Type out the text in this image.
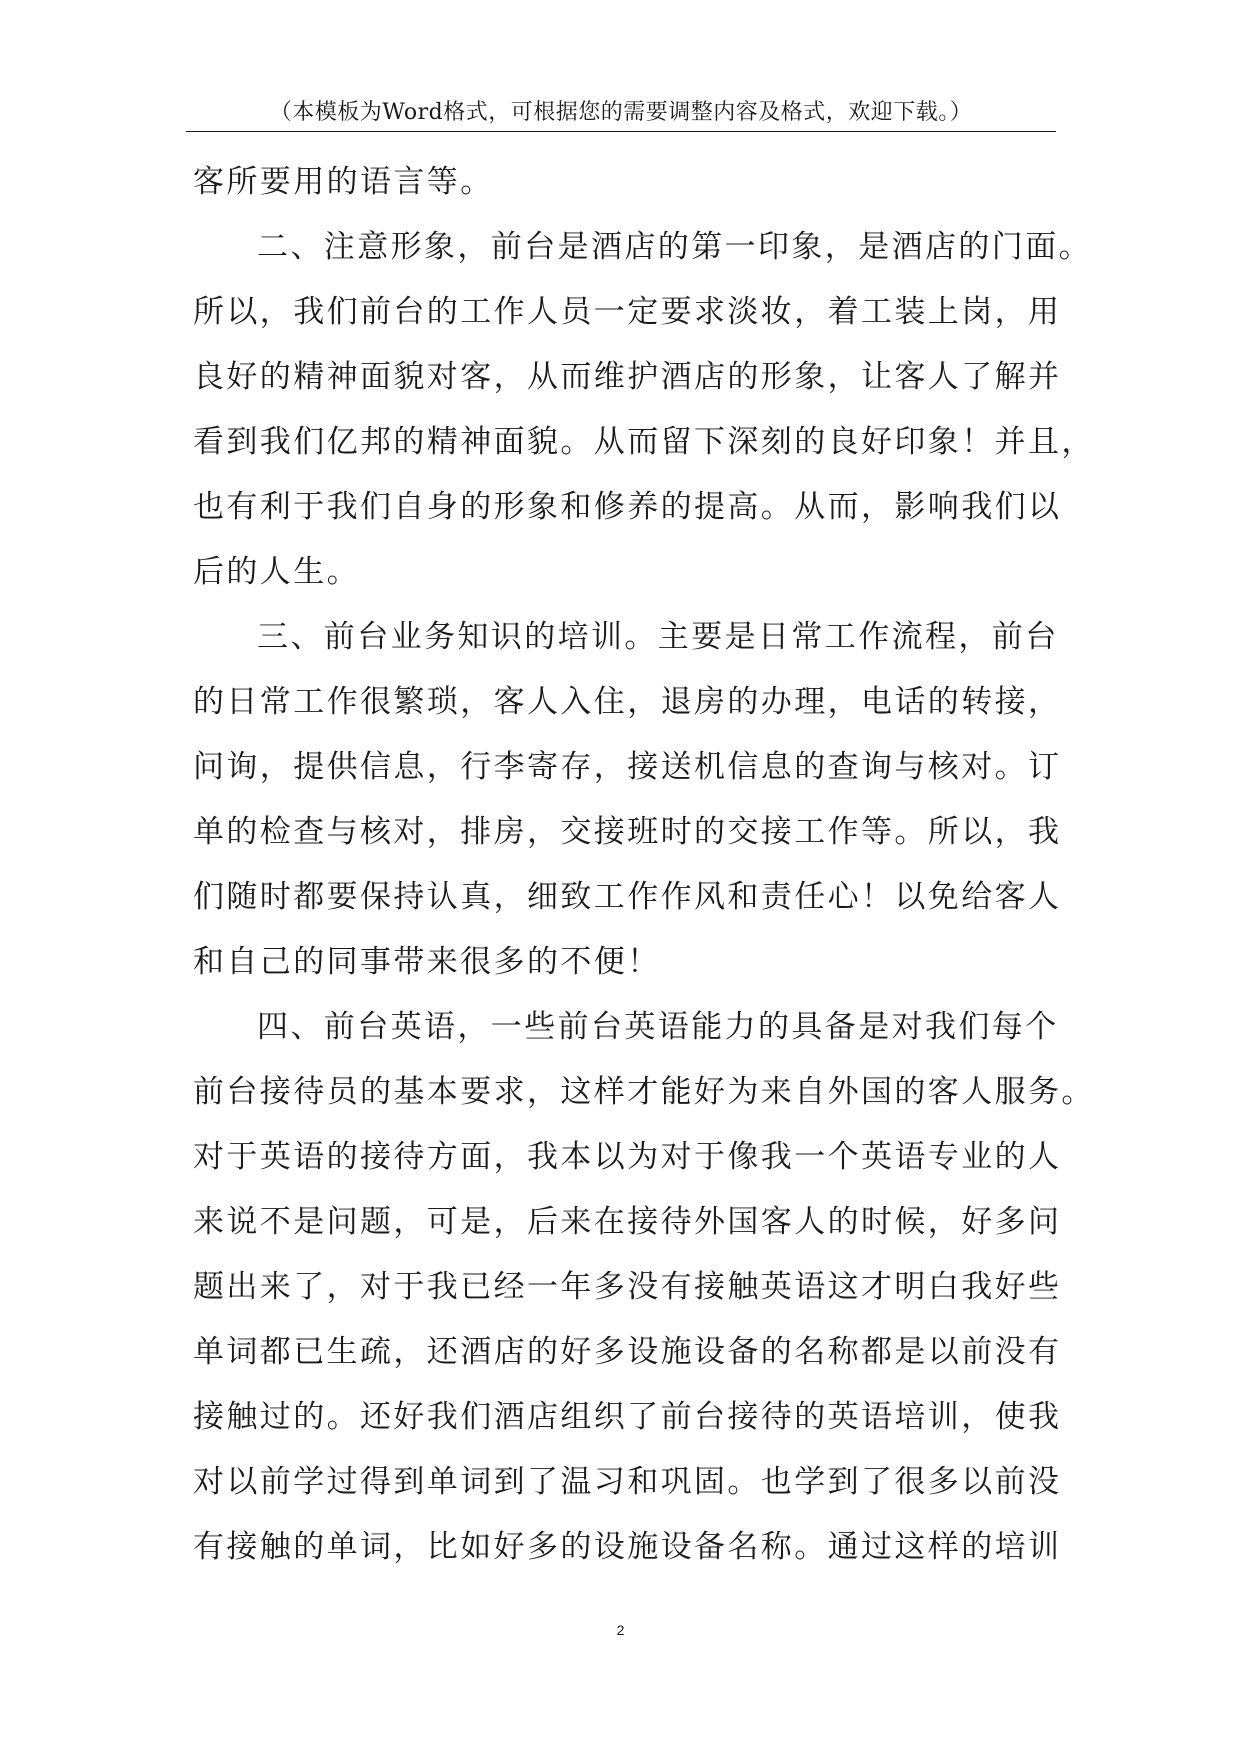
（本模板为Word格式，可根据您的需要调整内容及格式，欢迎下载。）
客所要用的语言等。
二、注意形象，前台是酒店的第一印象，是酒店的门面。
所以，我们前台的工作人员一定要求淡妆，着工装上岗，用
良好的精神面貌对客，从而维护酒店的形象，让客人了解并
看到我们亿邦的精神面貌。从而留下深刻的良好印象！并且，
也有利于我们自身的形象和修养的提高。从而，影响我们以
后的人生。
三、前台业务知识的培训。主要是日常工作流程，前台
的日常工作很繁琐，客人入住，退房的办理，电话的转接，
问询，提供信息，行李寄存，接送机信息的查询与核对。订
单的检查与核对，排房，交接班时的交接工作等。所以，我
们随时都要保持认真，细致工作作风和责任心！以免给客人
和自己的同事带来很多的不便！
四、前台英语，一些前台英语能力的具备是对我们每个
前台接待员的基本要求，这样才能好为来自外国的客人服务。
对于英语的接待方面，我本以为对于像我一个英语专业的人
来说不是问题，可是，后来在接待外国客人的时候，好多问
题出来了，对于我已经一年多没有接触英语这才明白我好些
单词都已生疏，还酒店的好多设施设备的名称都是以前没有
接触过的。还好我们酒店组织了前台接待的英语培训，使我
对以前学过得到单词到了温习和巩固。也学到了很多以前没
有接触的单词，比如好多的设施设备名称。通过这样的培训
2
